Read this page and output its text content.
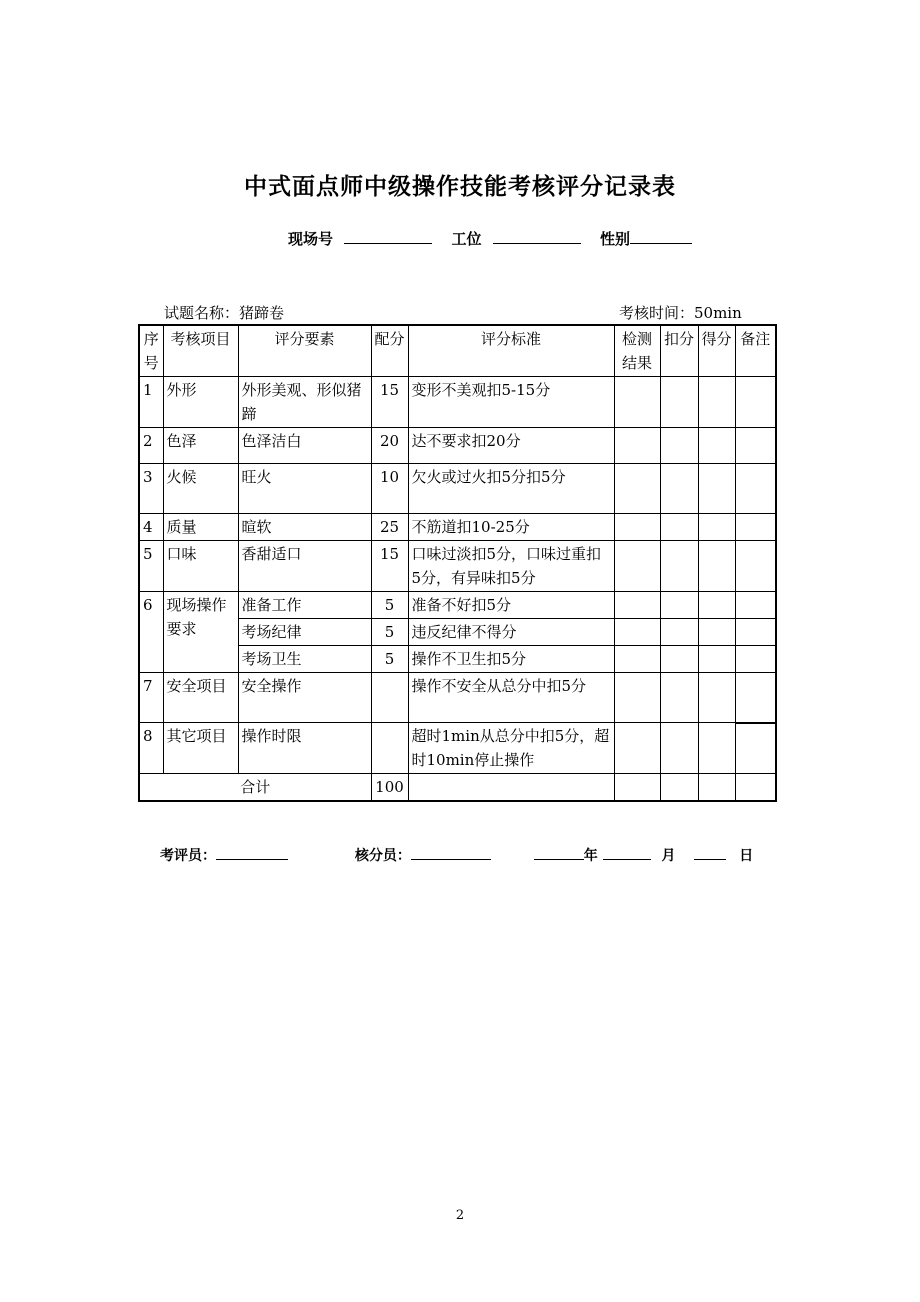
中式面点师中级操作技能考核评分记录表
现场号	工位	性别
试题名称：猪蹄卷	考核时间：50min
序号	考核项目	评分要素	配分	评分标准	检测结果	扣分	得分	备注
1	外形	外形美观、形似猪蹄	15	变形不美观扣5-15分				
2	色泽	色泽洁白	20	达不要求扣20分				
3	火候	旺火	10	欠火或过火扣5分扣5分				
4	质量	暄软	25	不筋道扣10-25分				
5	口味	香甜适口	15	口味过淡扣5分，口味过重扣5分，有异味扣5分				
6	现场操作要求	准备工作	5	准备不好扣5分				
		考场纪律	5	违反纪律不得分				
		考场卫生	5	操作不卫生扣5分				
7	安全项目	安全操作		操作不安全从总分中扣5分				
8	其它项目	操作时限		超时1min从总分中扣5分，超时10min停止操作				
合计			100					
考评员：	核分员：	年	月	日
2
